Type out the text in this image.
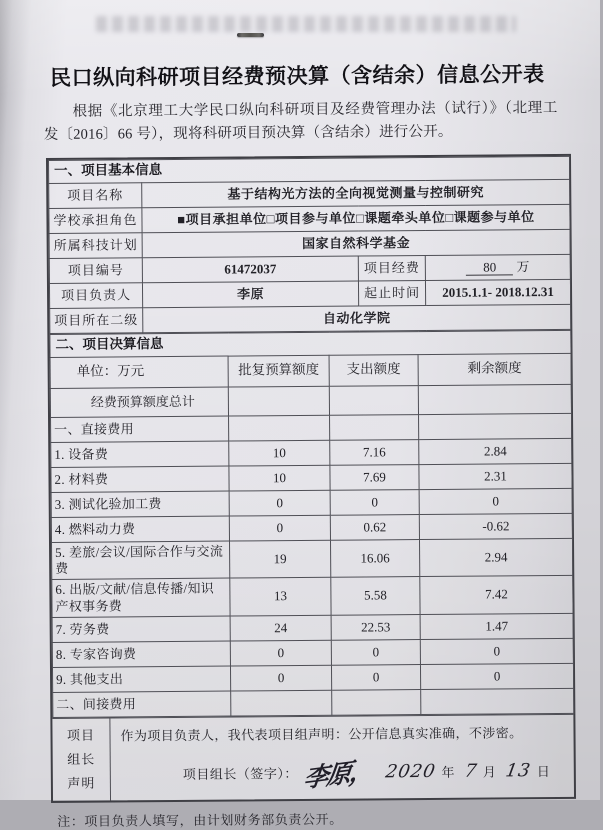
民口纵向科研项目经费预决算（含结余）信息公开表

根据《北京理工大学民口纵向科研项目及经费管理办法（试行）》（北理工发〔2016〕66 号），现将科研项目预决算（含结余）进行公开。

一、项目基本信息			
项目名称	基于结构光方法的全向视觉测量与控制研究		
学校承担角色	■项目承担单位□项目参与单位□课题牵头单位□课题参与单位		
所属科技计划	国家自然科学基金		
项目编号	61472037	项目经费	80 万
项目负责人	李原	起止时间	2015.1.1- 2018.12.31
项目所在二级	自动化学院		
二、项目决算信息			
单位：万元	批复预算额度	支出额度	剩余额度
经费预算额度总计			
一、直接费用			
1. 设备费	10	7.16	2.84
2. 材料费	10	7.69	2.31
3. 测试化验加工费	0	0	0
4. 燃料动力费	0	0.62	-0.62
5. 差旅/会议/国际合作与交流费	19	16.06	2.94
6. 出版/文献/信息传播/知识产权事务费	13	5.58	7.42
7. 劳务费	24	22.53	1.47
8. 专家咨询费	0	0	0
9. 其他支出	0	0	0
二、间接费用			
项目
组长
声明
作为项目负责人，我代表项目组声明：公开信息真实准确，不涉密。
项目组长（签字）： 李原， 2020 年 7 月 13 日
注：项目负责人填写，由计划财务部负责公开。
